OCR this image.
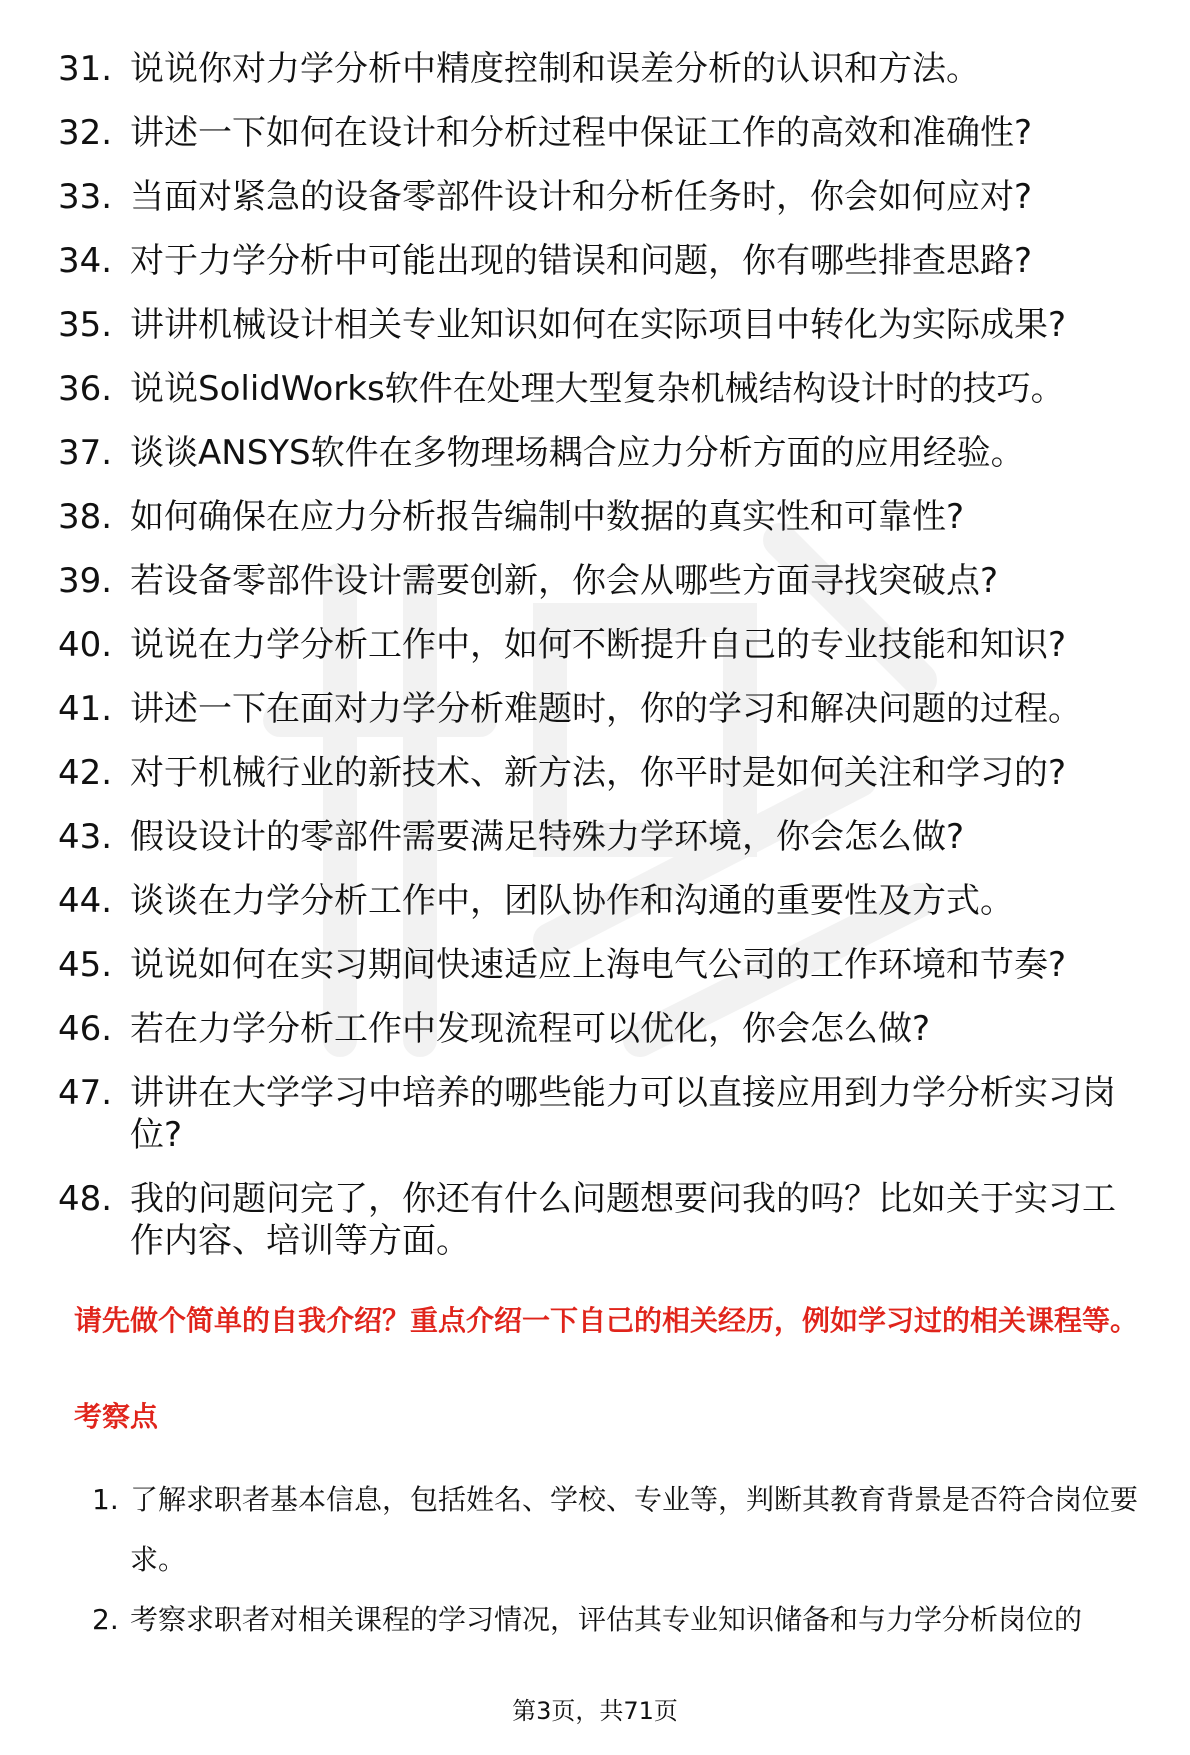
31. 说说你对力学分析中精度控制和误差分析的认识和方法。
32. 讲述一下如何在设计和分析过程中保证工作的高效和准确性?
33. 当面对紧急的设备零部件设计和分析任务时，你会如何应对?
34. 对于力学分析中可能出现的错误和问题，你有哪些排查思路?
35. 讲讲机械设计相关专业知识如何在实际项目中转化为实际成果?
36. 说说SolidWorks软件在处理大型复杂机械结构设计时的技巧。
37. 谈谈ANSYS软件在多物理场耦合应力分析方面的应用经验。
38. 如何确保在应力分析报告编制中数据的真实性和可靠性?
39. 若设备零部件设计需要创新，你会从哪些方面寻找突破点?
40. 说说在力学分析工作中，如何不断提升自己的专业技能和知识?
41. 讲述一下在面对力学分析难题时，你的学习和解决问题的过程。
42. 对于机械行业的新技术、新方法，你平时是如何关注和学习的?
43. 假设设计的零部件需要满足特殊力学环境，你会怎么做?
44. 谈谈在力学分析工作中，团队协作和沟通的重要性及方式。
45. 说说如何在实习期间快速适应上海电气公司的工作环境和节奏?
46. 若在力学分析工作中发现流程可以优化，你会怎么做?
47. 讲讲在大学学习中培养的哪些能力可以直接应用到力学分析实习岗位?
48. 我的问题问完了，你还有什么问题想要问我的吗？比如关于实习工作内容、培训等方面。

请先做个简单的自我介绍？重点介绍一下自己的相关经历，例如学习过的相关课程等。

考察点

1. 了解求职者基本信息，包括姓名、学校、专业等，判断其教育背景是否符合岗位要求。
2. 考察求职者对相关课程的学习情况，评估其专业知识储备和与力学分析岗位的
第3页，共71页
